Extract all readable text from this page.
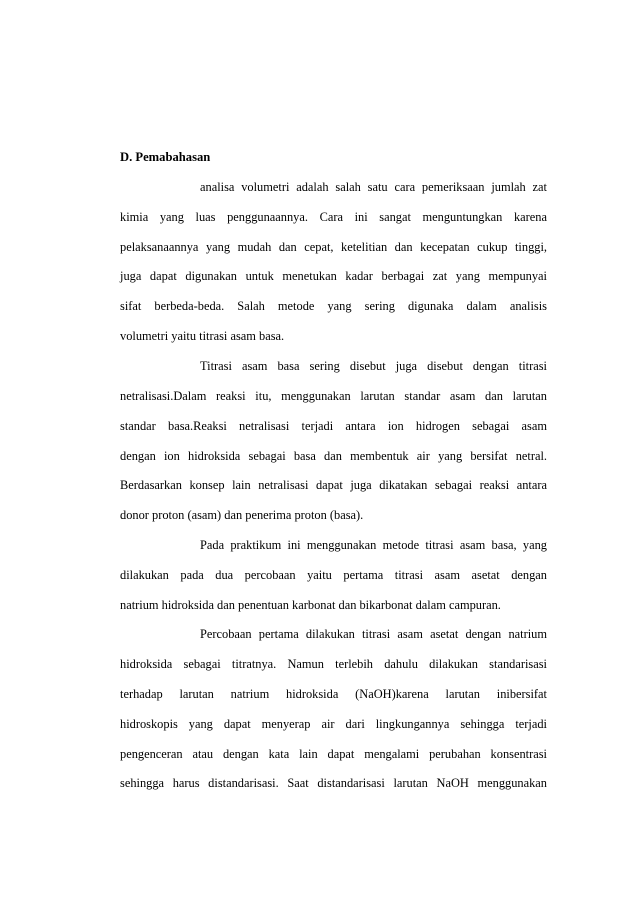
D. Pemabahasan
analisa volumetri adalah salah satu cara pemeriksaan jumlah zat
kimia yang luas penggunaannya. Cara ini sangat menguntungkan karena
pelaksanaannya yang mudah dan cepat, ketelitian dan kecepatan cukup tinggi,
juga dapat digunakan untuk menetukan kadar berbagai zat yang mempunyai
sifat berbeda-beda. Salah metode yang sering digunaka dalam analisis
volumetri yaitu titrasi asam basa.
Titrasi asam basa sering disebut juga disebut dengan titrasi
netralisasi.Dalam reaksi itu, menggunakan larutan standar asam dan larutan
standar basa.Reaksi netralisasi terjadi antara ion hidrogen sebagai asam
dengan ion hidroksida sebagai basa dan membentuk air yang bersifat netral.
Berdasarkan konsep lain netralisasi dapat juga dikatakan sebagai reaksi antara
donor proton (asam) dan penerima proton (basa).
Pada praktikum ini menggunakan metode titrasi asam basa, yang
dilakukan pada dua percobaan yaitu pertama titrasi asam asetat dengan
natrium hidroksida dan penentuan karbonat dan bikarbonat dalam campuran.
Percobaan pertama dilakukan titrasi asam asetat dengan natrium
hidroksida sebagai titratnya. Namun terlebih dahulu dilakukan standarisasi
terhadap larutan natrium hidroksida (NaOH)karena larutan inibersifat
hidroskopis yang dapat menyerap air dari lingkungannya sehingga terjadi
pengenceran atau dengan kata lain dapat mengalami perubahan konsentrasi
sehingga harus distandarisasi. Saat distandarisasi larutan NaOH menggunakan
